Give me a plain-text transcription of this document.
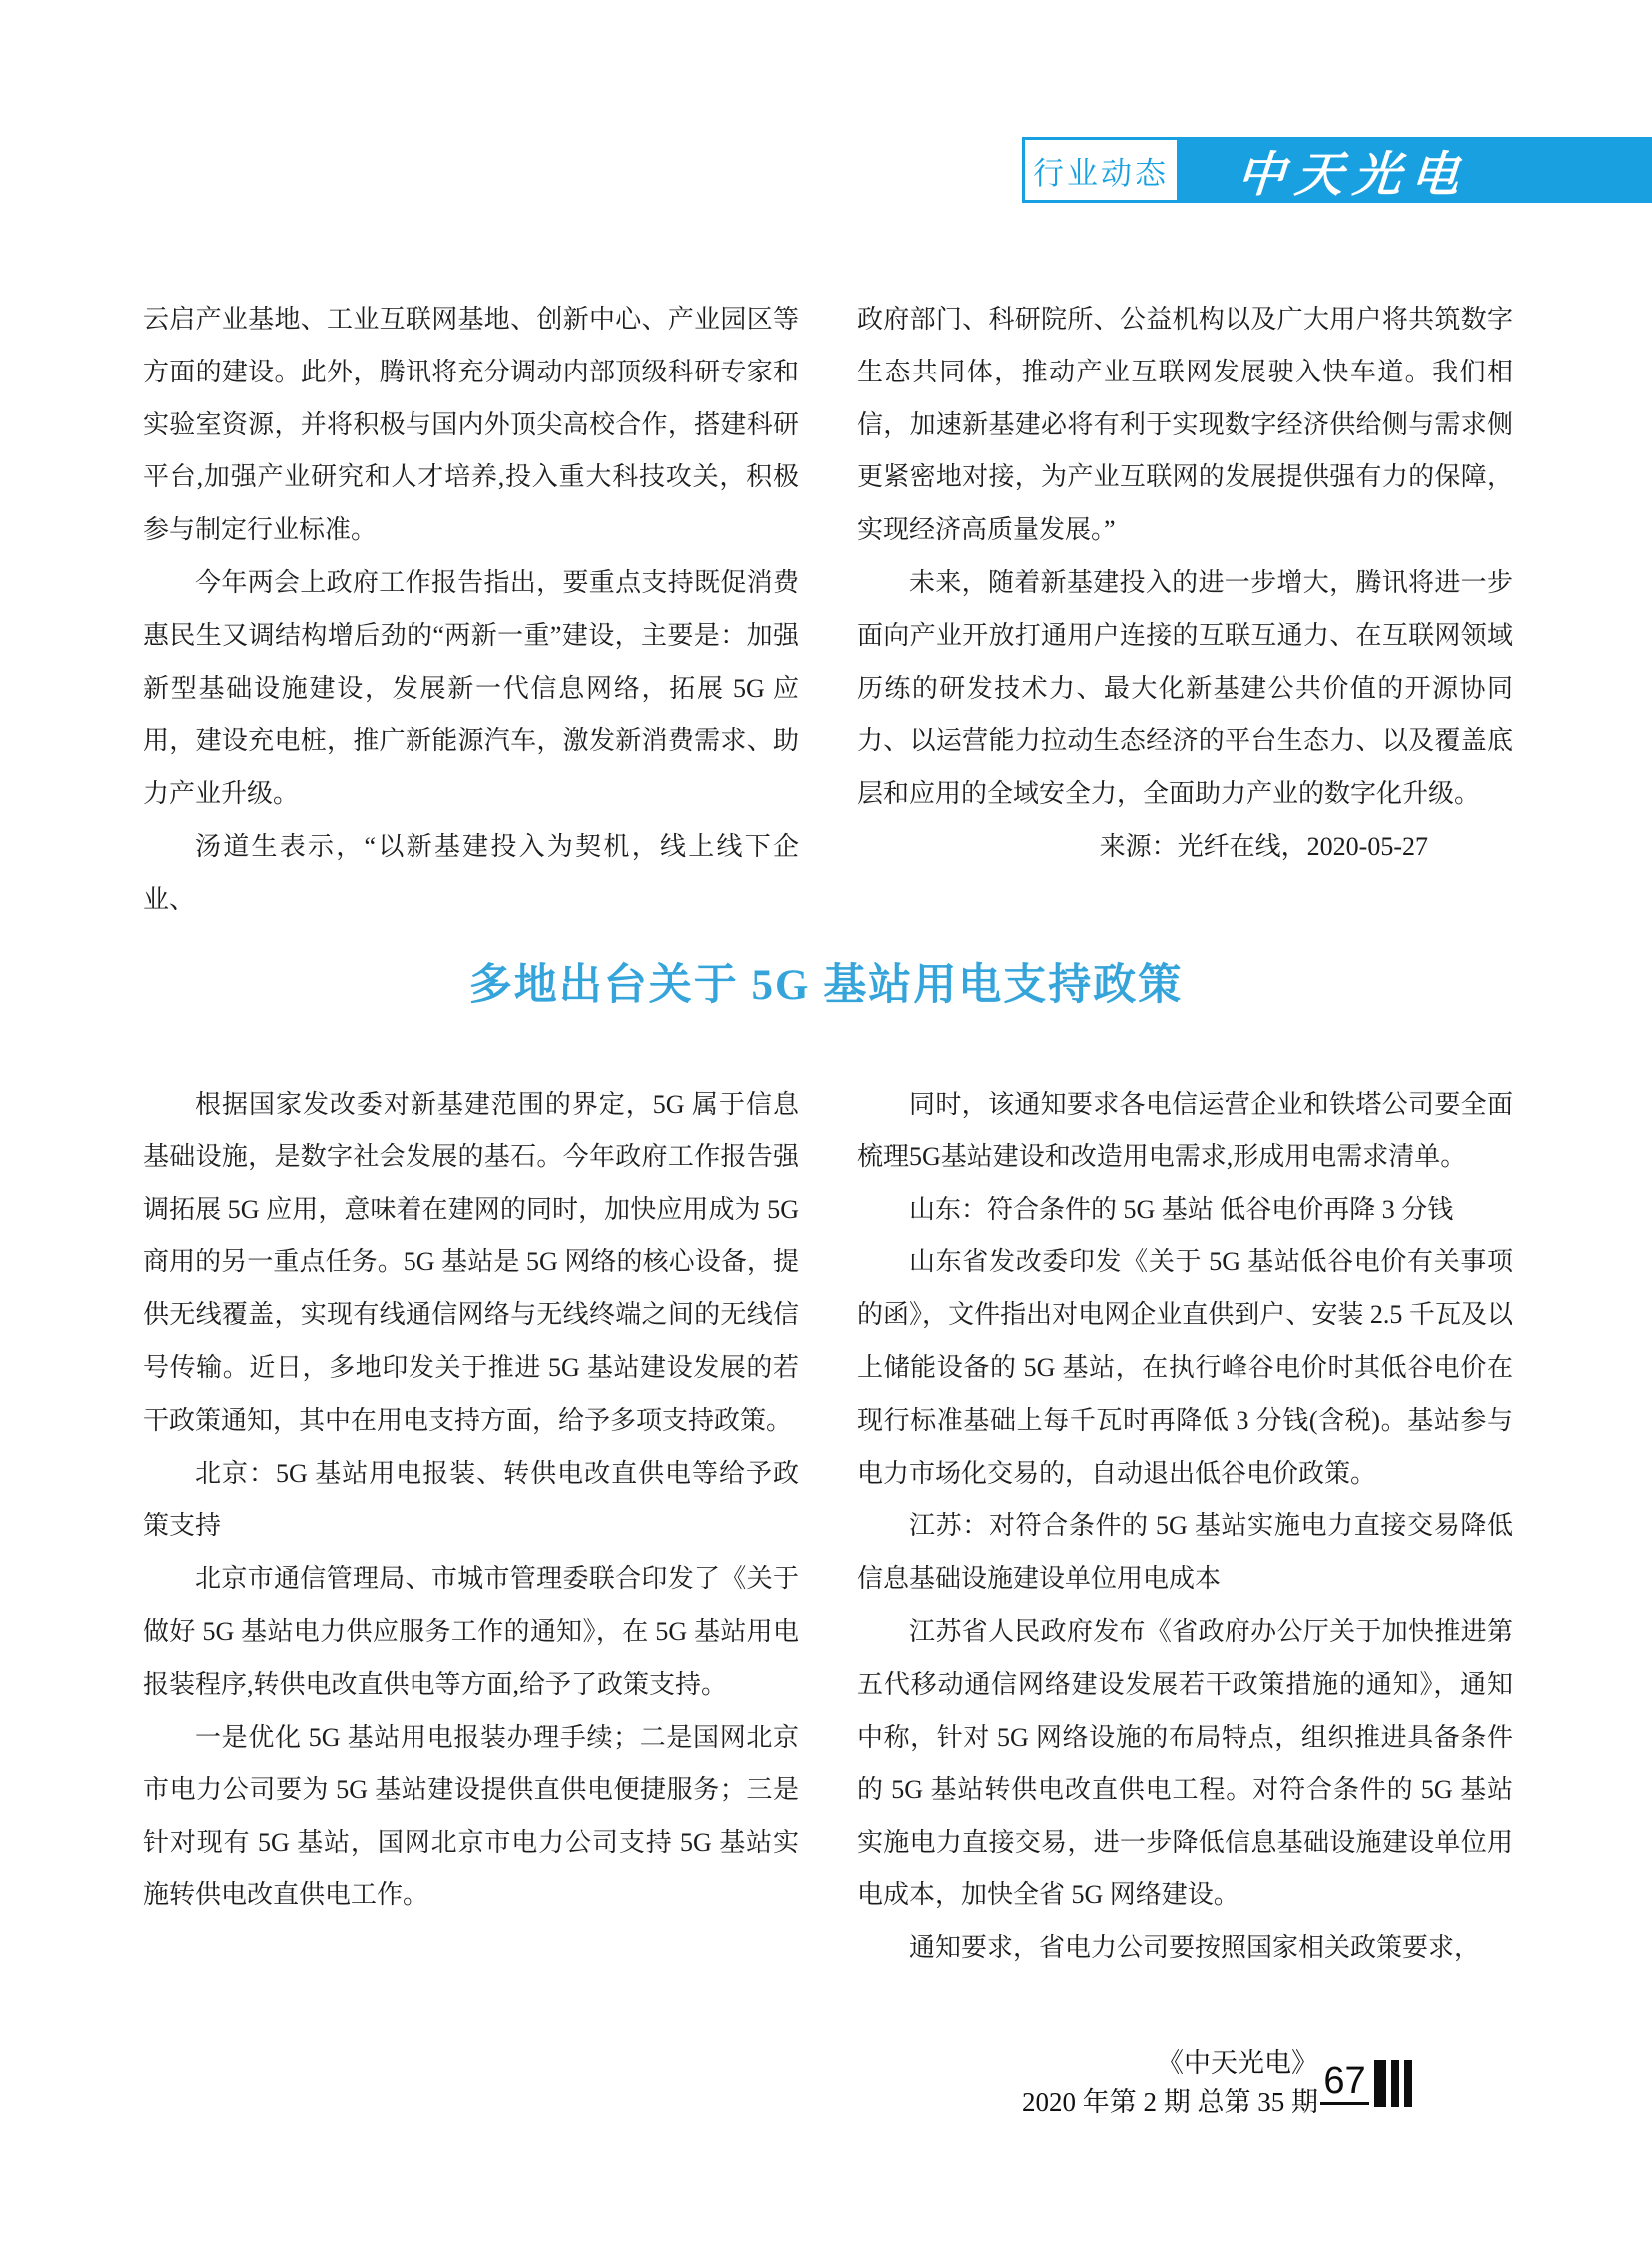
行业动态 中天光电

云启产业基地、工业互联网基地、创新中心、产业园区等方面的建设。此外，腾讯将充分调动内部顶级科研专家和实验室资源，并将积极与国内外顶尖高校合作，搭建科研平台,加强产业研究和人才培养,投入重大科技攻关，积极参与制定行业标准。

今年两会上政府工作报告指出，要重点支持既促消费惠民生又调结构增后劲的“两新一重”建设，主要是：加强新型基础设施建设，发展新一代信息网络，拓展 5G 应用，建设充电桩，推广新能源汽车，激发新消费需求、助力产业升级。

汤道生表示，“以新基建投入为契机，线上线下企业、

政府部门、科研院所、公益机构以及广大用户将共筑数字生态共同体，推动产业互联网发展驶入快车道。我们相信，加速新基建必将有利于实现数字经济供给侧与需求侧更紧密地对接，为产业互联网的发展提供强有力的保障，实现经济高质量发展。”

未来，随着新基建投入的进一步增大，腾讯将进一步面向产业开放打通用户连接的互联互通力、在互联网领域历练的研发技术力、最大化新基建公共价值的开源协同力、以运营能力拉动生态经济的平台生态力、以及覆盖底层和应用的全域安全力，全面助力产业的数字化升级。

来源：光纤在线，2020-05-27

多地出台关于 5G 基站用电支持政策

根据国家发改委对新基建范围的界定，5G 属于信息基础设施，是数字社会发展的基石。今年政府工作报告强调拓展 5G 应用，意味着在建网的同时，加快应用成为 5G 商用的另一重点任务。5G 基站是 5G 网络的核心设备，提供无线覆盖，实现有线通信网络与无线终端之间的无线信号传输。近日，多地印发关于推进 5G 基站建设发展的若干政策通知，其中在用电支持方面，给予多项支持政策。

北京：5G 基站用电报装、转供电改直供电等给予政策支持

北京市通信管理局、市城市管理委联合印发了《关于做好 5G 基站电力供应服务工作的通知》，在 5G 基站用电报装程序,转供电改直供电等方面,给予了政策支持。

一是优化 5G 基站用电报装办理手续；二是国网北京市电力公司要为 5G 基站建设提供直供电便捷服务；三是针对现有 5G 基站，国网北京市电力公司支持 5G 基站实施转供电改直供电工作。

同时，该通知要求各电信运营企业和铁塔公司要全面梳理5G基站建设和改造用电需求,形成用电需求清单。

山东：符合条件的 5G 基站 低谷电价再降 3 分钱

山东省发改委印发《关于 5G 基站低谷电价有关事项的函》，文件指出对电网企业直供到户、安装 2.5 千瓦及以上储能设备的 5G 基站，在执行峰谷电价时其低谷电价在现行标准基础上每千瓦时再降低 3 分钱(含税)。基站参与电力市场化交易的，自动退出低谷电价政策。

江苏：对符合条件的 5G 基站实施电力直接交易降低信息基础设施建设单位用电成本

江苏省人民政府发布《省政府办公厅关于加快推进第五代移动通信网络建设发展若干政策措施的通知》，通知中称，针对 5G 网络设施的布局特点，组织推进具备条件的 5G 基站转供电改直供电工程。对符合条件的 5G 基站实施电力直接交易，进一步降低信息基础设施建设单位用电成本，加快全省 5G 网络建设。

通知要求，省电力公司要按照国家相关政策要求，

《中天光电》
2020 年第 2 期 总第 35 期 67
